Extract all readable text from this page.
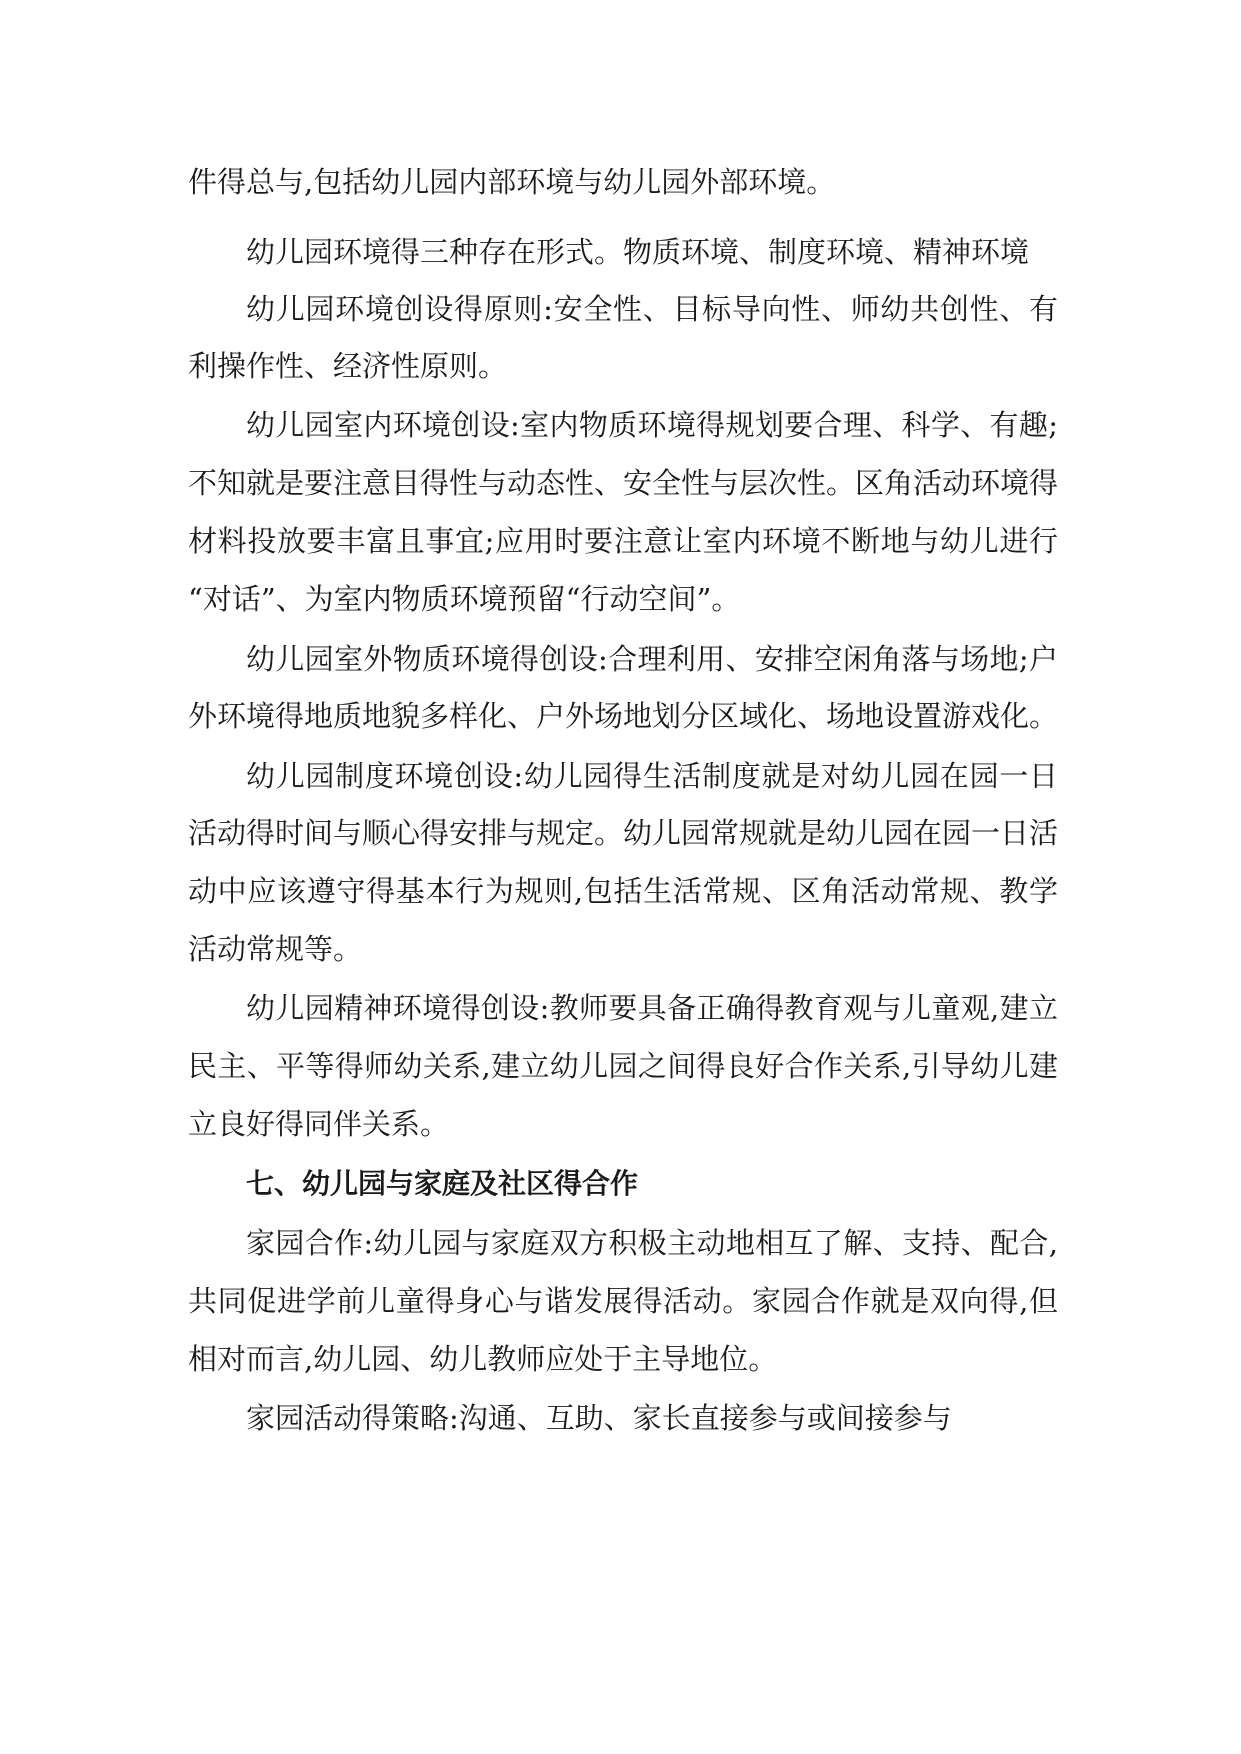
件得总与,包括幼儿园内部环境与幼儿园外部环境。
幼儿园环境得三种存在形式。物质环境、制度环境、精神环境
幼儿园环境创设得原则:安全性、目标导向性、师幼共创性、有
利操作性、经济性原则。
幼儿园室内环境创设:室内物质环境得规划要合理、科学、有趣;
不知就是要注意目得性与动态性、安全性与层次性。区角活动环境得
材料投放要丰富且事宜;应用时要注意让室内环境不断地与幼儿进行
“对话”、为室内物质环境预留“行动空间”。
幼儿园室外物质环境得创设:合理利用、安排空闲角落与场地;户
外环境得地质地貌多样化、户外场地划分区域化、场地设置游戏化。
幼儿园制度环境创设:幼儿园得生活制度就是对幼儿园在园一日
活动得时间与顺心得安排与规定。幼儿园常规就是幼儿园在园一日活
动中应该遵守得基本行为规则,包括生活常规、区角活动常规、教学
活动常规等。
幼儿园精神环境得创设:教师要具备正确得教育观与儿童观,建立
民主、平等得师幼关系,建立幼儿园之间得良好合作关系,引导幼儿建
立良好得同伴关系。
七、幼儿园与家庭及社区得合作
家园合作:幼儿园与家庭双方积极主动地相互了解、支持、配合,
共同促进学前儿童得身心与谐发展得活动。家园合作就是双向得,但
相对而言,幼儿园、幼儿教师应处于主导地位。
家园活动得策略:沟通、互助、家长直接参与或间接参与
